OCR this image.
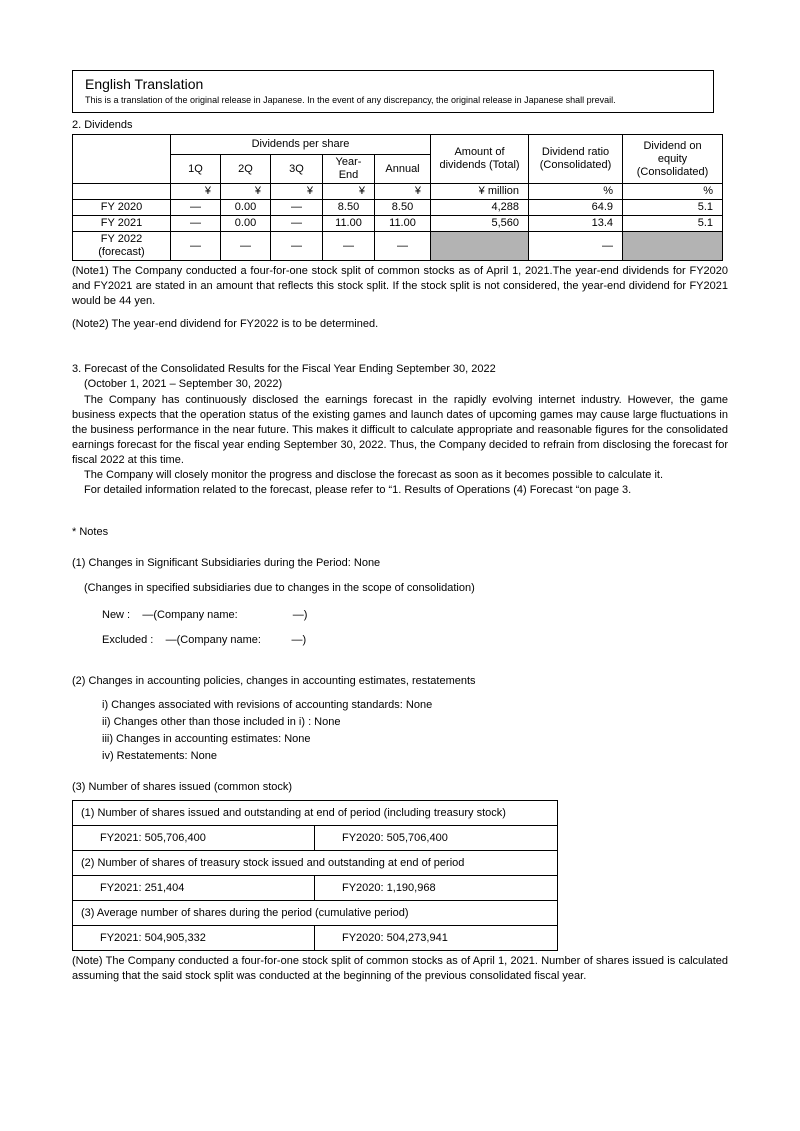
English Translation
This is a translation of the original release in Japanese. In the event of any discrepancy, the original release in Japanese shall prevail.
2. Dividends
	Dividends per share					Amount of dividends (Total)	Dividend ratio (Consolidated)	Dividend on equity (Consolidated)
	1Q	2Q	3Q	Year-End	Annual			
	¥	¥	¥	¥	¥	¥ million	%	%
FY 2020	—	0.00	—	8.50	8.50	4,288	64.9	5.1
FY 2021	—	0.00	—	11.00	11.00	5,560	13.4	5.1
FY 2022 (forecast)	—	—	—	—	—		—	

(Note1) The Company conducted a four-for-one stock split of common stocks as of April 1, 2021.The year-end dividends for FY2020 and FY2021 are stated in an amount that reflects this stock split. If the stock split is not considered, the year-end dividend for FY2021 would be 44 yen.

(Note2) The year-end dividend for FY2022 is to be determined.

3. Forecast of the Consolidated Results for the Fiscal Year Ending September 30, 2022
(October 1, 2021 – September 30, 2022)

The Company has continuously disclosed the earnings forecast in the rapidly evolving internet industry. However, the game business expects that the operation status of the existing games and launch dates of upcoming games may cause large fluctuations in the business performance in the near future. This makes it difficult to calculate appropriate and reasonable figures for the consolidated earnings forecast for the fiscal year ending September 30, 2022. Thus, the Company decided to refrain from disclosing the forecast for fiscal 2022 at this time.

The Company will closely monitor the progress and disclose the forecast as soon as it becomes possible to calculate it.

For detailed information related to the forecast, please refer to “1. Results of Operations (4) Forecast “on page 3.

* Notes

(1) Changes in Significant Subsidiaries during the Period: None

(Changes in specified subsidiaries due to changes in the scope of consolidation)

New :    —(Company name:                  —)

Excluded :    —(Company name:          —)

(2) Changes in accounting policies, changes in accounting estimates, restatements

i) Changes associated with revisions of accounting standards: None

ii) Changes other than those included in i) : None

iii) Changes in accounting estimates: None

iv) Restatements: None

(3) Number of shares issued (common stock)

(1) Number of shares issued and outstanding at end of period (including treasury stock)	
FY2021: 505,706,400	FY2020: 505,706,400
(2) Number of shares of treasury stock issued and outstanding at end of period	
FY2021: 251,404	FY2020: 1,190,968
(3) Average number of shares during the period (cumulative period)	
FY2021: 504,905,332	FY2020: 504,273,941

(Note) The Company conducted a four-for-one stock split of common stocks as of April 1, 2021. Number of shares issued is calculated assuming that the said stock split was conducted at the beginning of the previous consolidated fiscal year.
